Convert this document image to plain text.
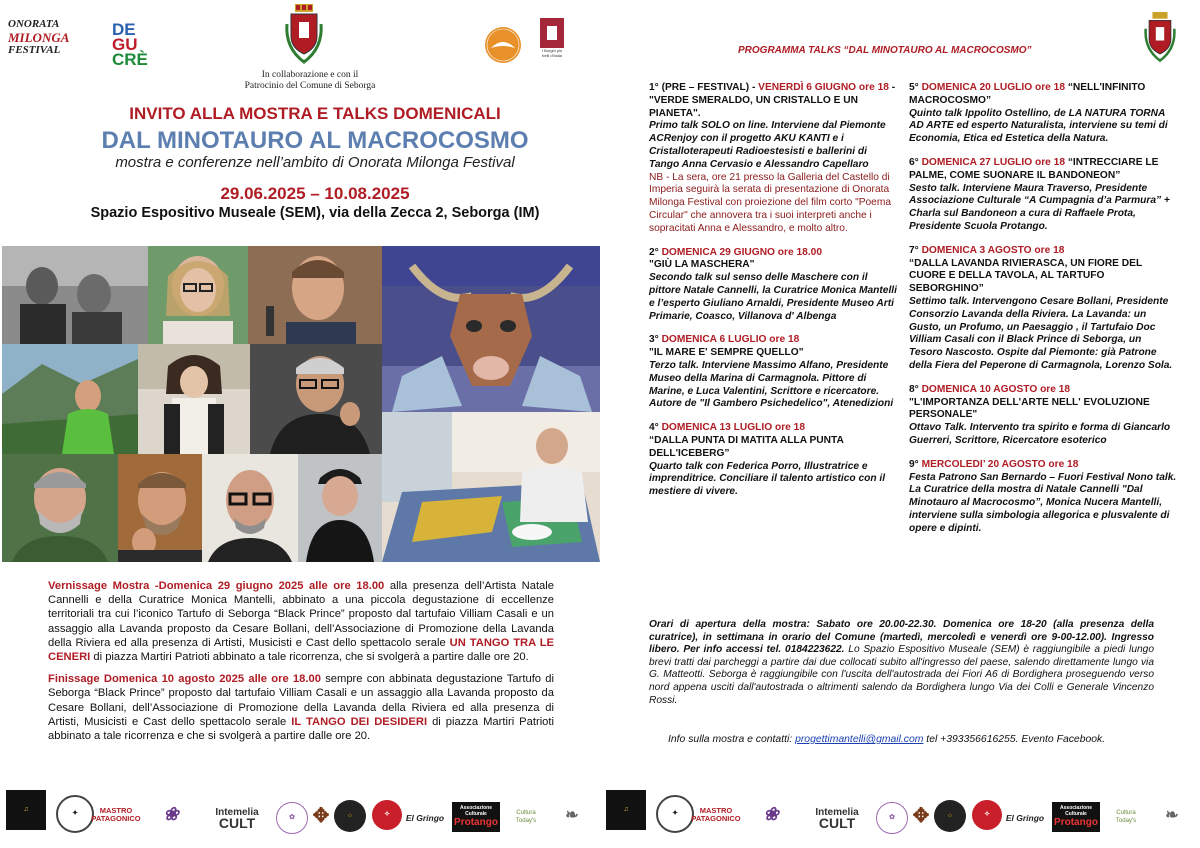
ONORATA
MILONGA
FESTIVAL
DE
GU
CRÈ
In collaborazione e con il
Patrocinio del Comune di Seborga
I Borghi più belli d'Italia
INVITO ALLA MOSTRA E TALKS DOMENICALI
DAL MINOTAURO AL MACROCOSMO
mostra e conferenze nell’ambito di Onorata Milonga Festival
29.06.2025 – 10.08.2025
Spazio Espositivo Museale (SEM), via della Zecca 2, Seborga (IM)

Vernissage Mostra -Domenica 29 giugno 2025 alle ore 18.00 alla presenza dell’Artista Natale Cannelli e della Curatrice Monica Mantelli, abbinato a una piccola degustazione di eccellenze territoriali tra cui l’iconico Tartufo di Seborga “Black Prince” proposto dal tartufaio Villiam Casali e un assaggio alla Lavanda proposto da Cesare Bollani, dell’Associazione di Promozione della Lavanda della Riviera ed alla presenza di Artisti, Musicisti e Cast dello spettacolo serale UN TANGO TRA LE CENERI di piazza Martiri Patrioti abbinato a tale ricorrenza, che si svolgerà a partire dalle ore 20.

Finissage Domenica 10 agosto 2025 alle ore 18.00 sempre con abbinata degustazione Tartufo di Seborga “Black Prince” proposto dal tartufaio Villiam Casali e un assaggio alla Lavanda proposto da Cesare Bollani, dell’Associazione di Promozione della Lavanda della Riviera ed alla presenza di Artisti, Musicisti e Cast dello spettacolo serale IL TANGO DEI DESIDERI di piazza Martiri Patrioti abbinato a tale ricorrenza e che si svolgerà a partire dalle ore 20.

PROGRAMMA TALKS “DAL MINOTAURO AL MACROCOSMO”

1° (PRE – FESTIVAL) - VENERDÌ 6 GIUGNO ore 18 - "VERDE SMERALDO, UN CRISTALLO E UN PIANETA".
Primo talk SOLO on line. Interviene dal Piemonte ACRenjoy con il progetto AKU KANTI e i Cristalloterapeuti Radioestesisti e ballerini di Tango Anna Cervasio e Alessandro Capellaro
NB - La sera, ore 21 presso la Galleria del Castello di Imperia seguirà la serata di presentazione di Onorata Milonga Festival con proiezione del film corto "Poema Circular" che annovera tra i suoi interpreti anche i sopracitati Anna e Alessandro, e molto altro.

2° DOMENICA 29 GIUGNO ore 18.00
"GIÙ LA MASCHERA"
Secondo talk sul senso delle Maschere con il pittore Natale Cannelli, la Curatrice Monica Mantelli e l’esperto Giuliano Arnaldi, Presidente Museo Arti Primarie, Coasco, Villanova d' Albenga

3° DOMENICA 6 LUGLIO ore 18
"IL MARE E' SEMPRE QUELLO"
Terzo talk. Interviene Massimo Alfano, Presidente Museo della Marina di Carmagnola. Pittore di Marine, e Luca Valentini, Scrittore e ricercatore. Autore de "Il Gambero Psichedelico", Atenedizioni

4° DOMENICA 13 LUGLIO ore 18
“DALLA PUNTA DI MATITA ALLA PUNTA DELL'ICEBERG”
Quarto talk con Federica Porro, Illustratrice e imprenditrice. Conciliare il talento artistico con il mestiere di vivere.

5° DOMENICA 20 LUGLIO ore 18 “NELL'INFINITO MACROCOSMO”
Quinto talk Ippolito Ostellino, de LA NATURA TORNA AD ARTE ed esperto Naturalista, interviene su temi di Economia, Etica ed Estetica della Natura.

6° DOMENICA 27 LUGLIO ore 18 “INTRECCIARE LE PALME, COME SUONARE IL BANDONEON”
Sesto talk. Interviene Maura Traverso, Presidente Associazione Culturale “A Cumpagnia d’a Parmura” + Charla sul Bandoneon a cura di Raffaele Prota, Presidente Scuola Protango.

7° DOMENICA 3 AGOSTO ore 18
“DALLA LAVANDA RIVIERASCA, UN FIORE DEL CUORE E DELLA TAVOLA, AL TARTUFO SEBORGHINO”
Settimo talk. Intervengono Cesare Bollani, Presidente Consorzio Lavanda della Riviera. La Lavanda: un Gusto, un Profumo, un Paesaggio , il Tartufaio Doc Villiam Casali con il Black Prince di Seborga, un Tesoro Nascosto. Ospite dal Piemonte: già Patrone della Fiera del Peperone di Carmagnola, Lorenzo Sola.

8° DOMENICA 10 AGOSTO ore 18
"L'IMPORTANZA DELL'ARTE NELL' EVOLUZIONE PERSONALE"
Ottavo Talk. Intervento tra spirito e forma di Giancarlo Guerreri, Scrittore, Ricercatore esoterico

9° MERCOLEDI’ 20 AGOSTO ore 18
Festa Patrono San Bernardo – Fuori Festival Nono talk. La Curatrice della mostra di Natale Cannelli "Dal Minotauro al Macrocosmo”, Monica Nucera Mantelli, interviene sulla simbologia allegorica e plusvalente di opere e dipinti.

Orari di apertura della mostra: Sabato ore 20.00-22.30. Domenica ore 18-20 (alla presenza della curatrice), in settimana in orario del Comune (martedì, mercoledì e venerdì ore 9-00-12.00). Ingresso libero. Per info accessi tel. 0184223622. Lo Spazio Espositivo Museale (SEM) è raggiungibile a piedi lungo brevi tratti dai parcheggi a partire dai due collocati subito all'ingresso del paese, salendo direttamente lungo via G. Matteotti. Seborga è raggiungibile con l'uscita dell'autostrada dei Fiori A6 di Bordighera proseguendo verso nord appena usciti dall'autostrada o altrimenti salendo da Bordighera lungo Via dei Colli e Generale Vincenzo Rossi.
Info sulla mostra e contatti: progettimantelli@gmail.com tel +393356616255. Evento Facebook.
♫
✦	MASTRO PATAGONICO	❀	Intemelia
CULT	✿ ✥	☼	✧	El Gringo
Associazione Culturale
Protango
Cultura Today's	❧	♫
✦	MASTRO PATAGONICO	❀	Intemelia
CULT	✿ ✥	☼	✧	El Gringo
Associazione Culturale
Protango
Cultura Today's	❧
